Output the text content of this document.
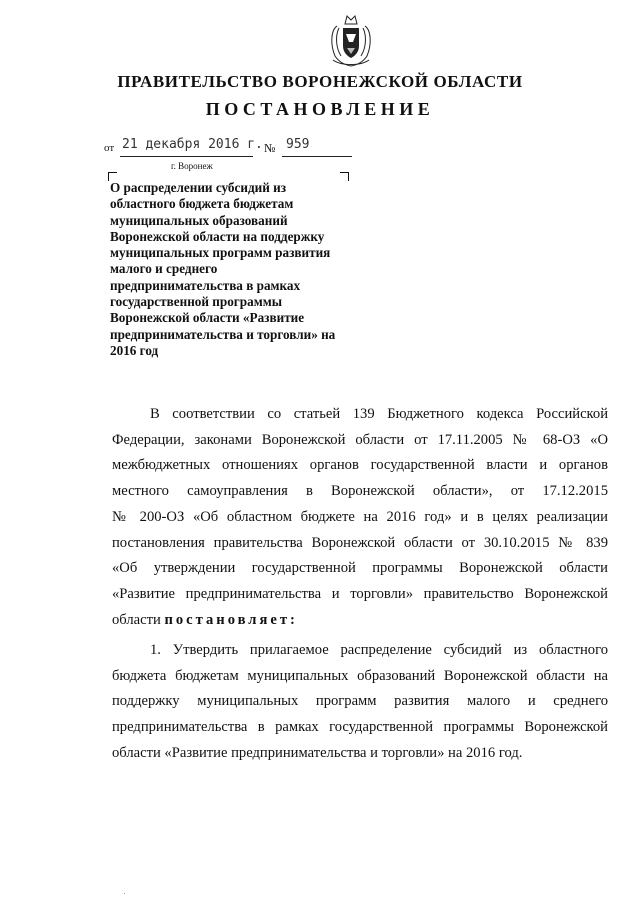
ПРАВИТЕЛЬСТВО ВОРОНЕЖСКОЙ ОБЛАСТИ
ПОСТАНОВЛЕНИЕ
от 21 декабря 2016 г. № 959
г. Воронеж

О распределении субсидий из областного бюджета бюджетам муниципальных образований Воронежской области на поддержку муниципальных программ развития малого и среднего предпринимательства в рамках государственной программы Воронежской области «Развитие предпринимательства и торговли» на 2016 год

В соответствии со статьей 139 Бюджетного кодекса Российской
Федерации, законами Воронежской области от 17.11.2005 № 68-ОЗ «О
межбюджетных отношениях органов государственной власти и органов
местного самоуправления в Воронежской области», от 17.12.2015
№ 200-ОЗ «Об областном бюджете на 2016 год» и в целях реализации
постановления правительства Воронежской области от 30.10.2015 № 839
«Об утверждении государственной программы Воронежской области
«Развитие предпринимательства и торговли» правительство Воронежской
области постановляет:
1. Утвердить прилагаемое распределение субсидий из областного
бюджета бюджетам муниципальных образований Воронежской области на
поддержку муниципальных программ развития малого и среднего
предпринимательства в рамках государственной программы Воронежской
области «Развитие предпринимательства и торговли» на 2016 год.
